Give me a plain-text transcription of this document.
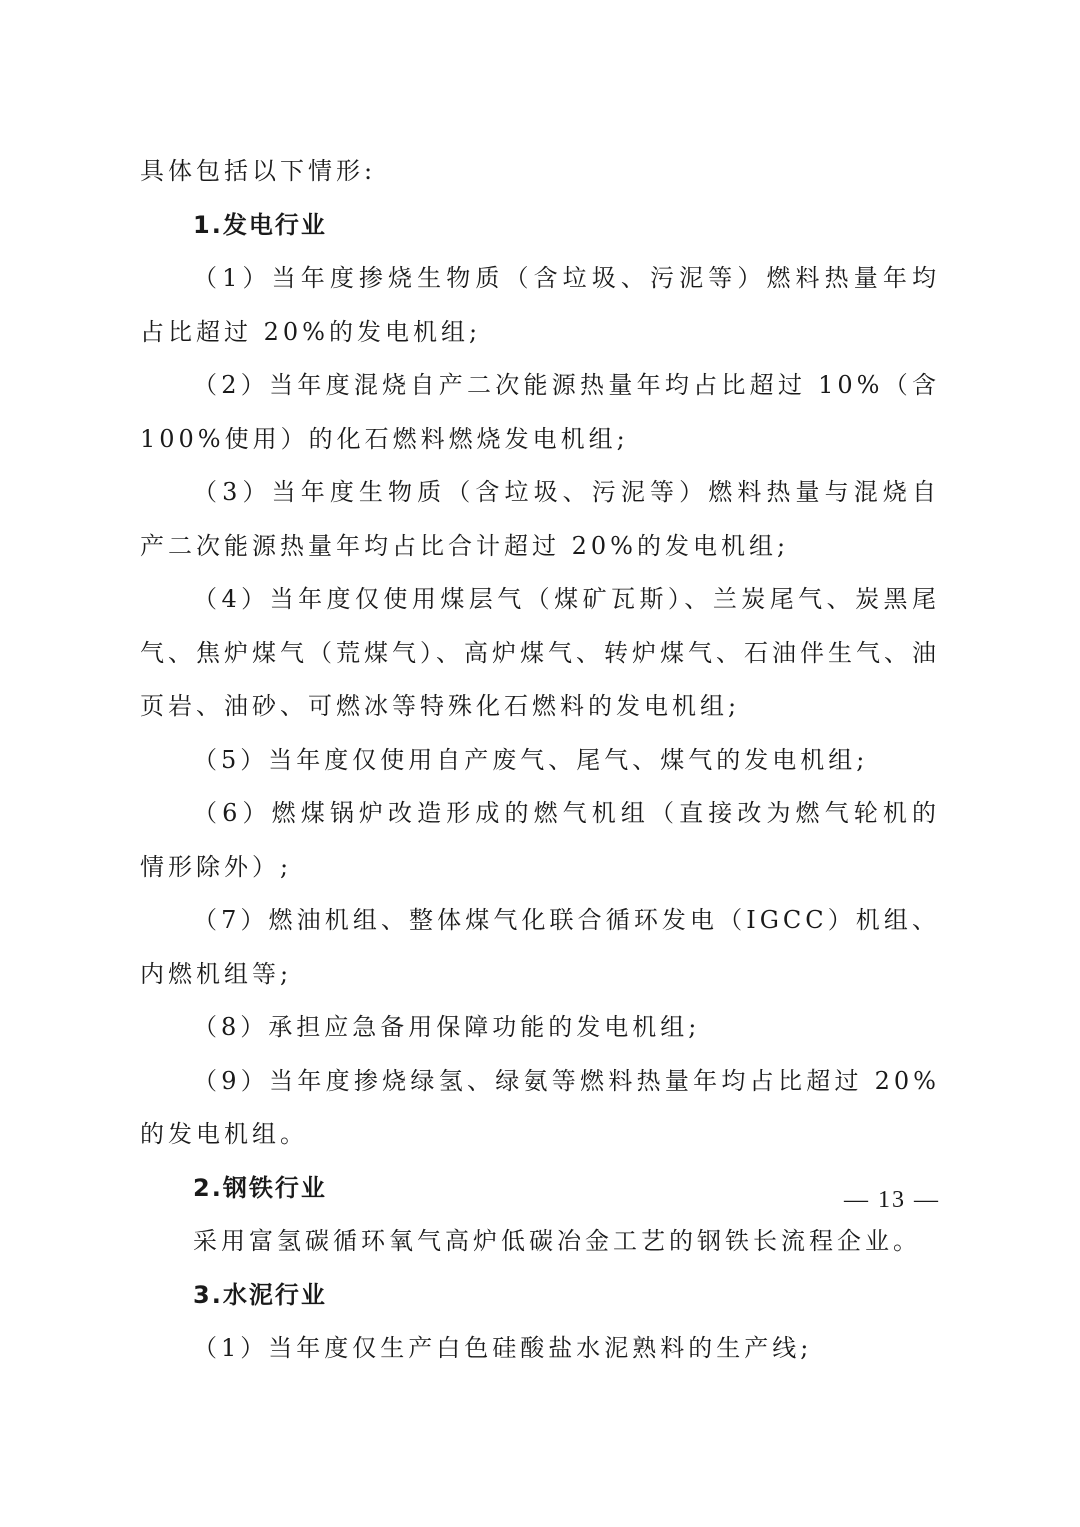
具体包括以下情形:

1.发电行业

（1）当年度掺烧生物质（含垃圾、污泥等）燃料热量年均占比超过 20%的发电机组;

（2）当年度混烧自产二次能源热量年均占比超过 10%（含 100%使用）的化石燃料燃烧发电机组;

（3）当年度生物质（含垃圾、污泥等）燃料热量与混烧自产二次能源热量年均占比合计超过 20%的发电机组;

（4）当年度仅使用煤层气（煤矿瓦斯）、兰炭尾气、炭黑尾气、焦炉煤气（荒煤气）、高炉煤气、转炉煤气、石油伴生气、油页岩、油砂、可燃冰等特殊化石燃料的发电机组;

（5）当年度仅使用自产废气、尾气、煤气的发电机组;

（6）燃煤锅炉改造形成的燃气机组（直接改为燃气轮机的情形除外）;

（7）燃油机组、整体煤气化联合循环发电（IGCC）机组、内燃机组等;

（8）承担应急备用保障功能的发电机组;

（9）当年度掺烧绿氢、绿氨等燃料热量年均占比超过 20%的发电机组。

2.钢铁行业

采用富氢碳循环氧气高炉低碳冶金工艺的钢铁长流程企业。

3.水泥行业

（1）当年度仅生产白色硅酸盐水泥熟料的生产线;

— 13 —
